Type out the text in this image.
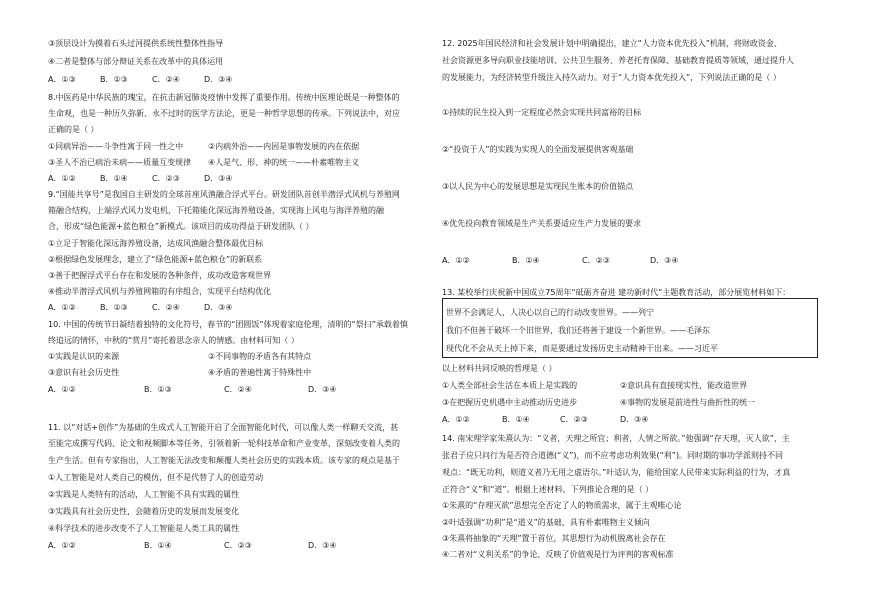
③顶层设计为摸着石头过河提供系统性整体性指导
④二者是整体与部分辩证关系在改革中的具体运用
A．①③	B．①③	C．②④	D．③④
8.中医药是中华民族的瑰宝，在抗击新冠肺炎疫情中发挥了重要作用。传统中医理论既是一种整体的
生命观，也是一种历久弥新、永不过时的医学方法论，更是一种哲学思想的传承。下列说法中，对应
正确的是（ ）
①同病异治——斗争性寓于同一性之中	②内病外治——内因是事物发展的内在依据
③圣人不治已病治未病——质量互变规律 ④人是气、形、神的统一——朴素唯物主义
A．①②	B．①④	C．②③	D．③④
9.“国能共享号”是我国自主研发的全球首座风渔融合浮式平台。研发团队首创半潜浮式风机与养殖网
箱融合结构，上端浮式风力发电机，下托箱能化深远海养殖设备，实现海上风电与海洋养殖的融
合，形成“绿色能源+蓝色粮仓”新模式。该项目的成功得益于研发团队（ ）
①立足于智能化深远海养殖设备，达成风渔融合整体最优目标
②根据绿色发展理念，建立了“绿色能源+蓝色粮仓”的新联系
③善于把握浮式平台存在和发展的各种条件，成功改造客观世界
④推动半潜浮式风机与养殖网箱的有序组合，实现平台结构优化
A．①②	B．①③	C．②④	D．③④
10. 中国的传统节日凝结着独特的文化符号，春节的“团圆饭”体现着家庭伦理，清明的“祭扫”承载着慎
终追远的情怀，中秋的“赏月”寄托着思念亲人的情感。由材料可知（ ）
①实践是认识的来源	②不同事物的矛盾各有其特点
③意识有社会历史性	④矛盾的普遍性寓于特殊性中
A．①②	B．①③	C．②④	D．③④
11. 以“对话+创作”为基础的生成式人工智能开启了全面智能化时代，可以像人类一样聊天交流，甚
至能完成撰写代码、论文和视频脚本等任务，引领着新一轮科技革命和产业变革，深刻改变着人类的
生产生活。但有专家指出，人工智能无法改变和颠覆人类社会历史的实践本质。该专家的观点是基于
①人工智能是对人类自己的模仿，但不是代替了人的创造劳动
②实践是人类特有的活动，人工智能不具有实践的属性
③实践具有社会历史性，会随着历史的发展而发展变化
④科学技术的进步改变不了人工智能是人类工具的属性
A．①②	B．①④	C．②③	D．③④
12. 2025年国民经济和社会发展计划中明确提出，建立“人力资本优先投入”机制，将财政资金、
社会资源更多导向职业技能培训、公共卫生服务、养老托育保障、基础教育提质等领域，通过提升人
的发展能力，为经济转型升级注入持久动力。对于“人力资本优先投入”，下列说法正确的是（ ）
①持续的民生投入到一定程度必然会实现共同富裕的目标
②“投资于人”的实践为实现人的全面发展提供客观基础
③以人民为中心的发展思想是实现民生账本的价值锚点
④优先投向教育领域是生产关系要适应生产力发展的要求
A．①②	B．①④	C．②③	D．③④
13. 某校举行庆祝新中国成立75周年“砥砺齐奋进 建功新时代”主题教育活动，部分展览材料如下：
世界不会满足人，人决心以自己的行动改变世界。——列宁
我们不但善于破坏一个旧世界，我们还将善于建设一个新世界。——毛泽东
现代化不会从天上掉下来，而是要通过发扬历史主动精神干出来。——习近平
以上材料共同反映的哲理是（ ）
①人类全部社会生活在本质上是实践的	②意识具有直接现实性，能改造世界
③在把握历史机遇中主动推动历史进步	④事物的发展是前进性与曲折性的统一
A．①②	B．①④	C．②③	D．③④
14. 南宋理学家朱熹认为：“义者，天理之所宜；利者，人情之所欲。”他强调“存天理，灭人欲”，主
张君子应只问行为是否符合道德(“义”)，而不应考虑功利效果(“利”)。同时期的事功学派则持不同
观点：“既无功利，则道义者乃无用之虚语尔。”叶适认为，能给国家人民带来实际利益的行为，才真
正符合“义”和“道”。根据上述材料，下列推论合理的是（ ）
①朱熹的“存理灭欲”思想完全否定了人的物质需求，属于主观唯心论
②叶适强调“功利”是“道义”的基础，具有朴素唯物主义倾向
③朱熹将抽象的“天理”置于首位，其思想行为动机脱离社会存在
④二者对“义利关系”的争论，反映了价值观是行为评判的客观标准
